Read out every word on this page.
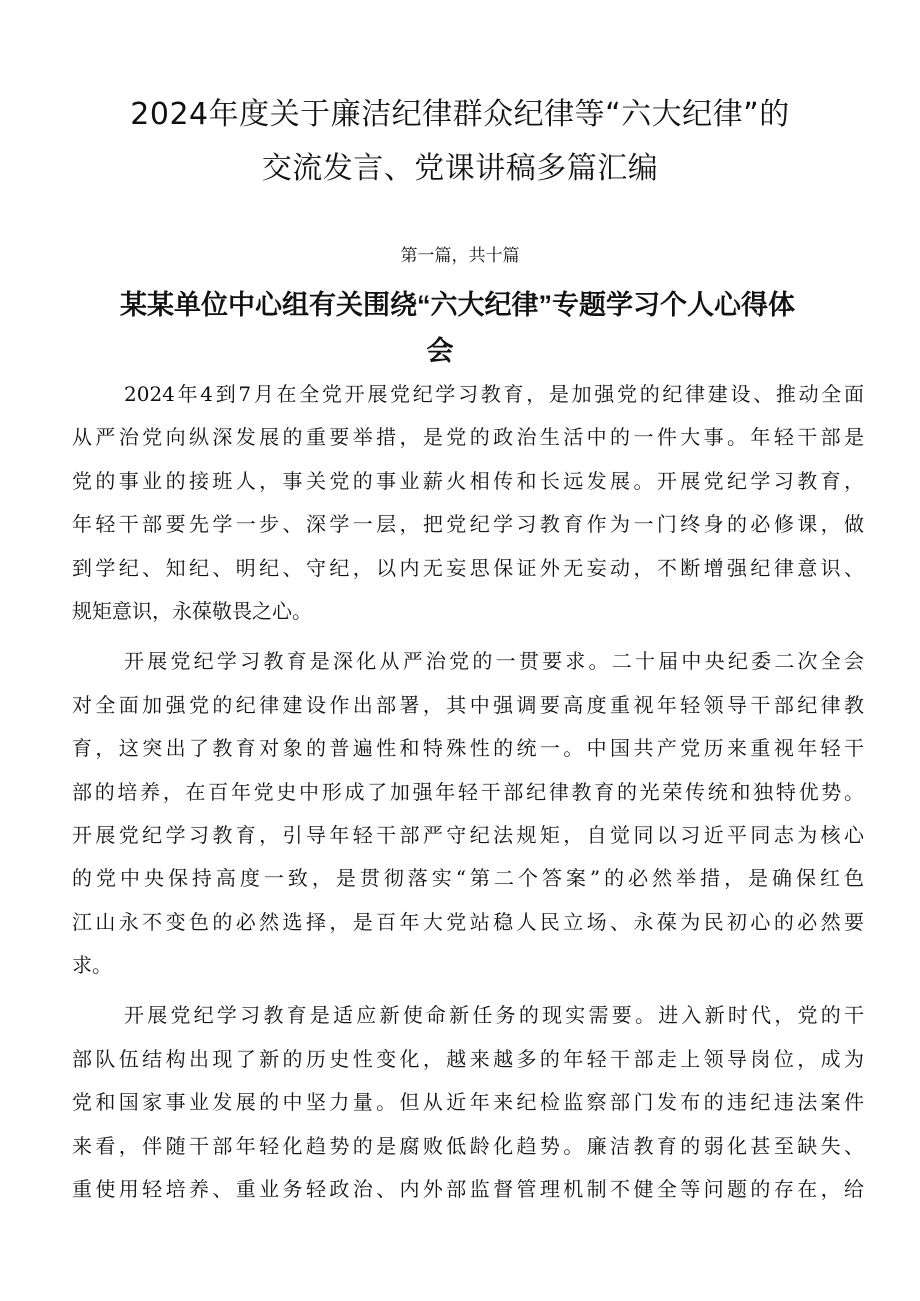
2024年度关于廉洁纪律群众纪律等“六大纪律”的
交流发言、党课讲稿多篇汇编
第一篇，共十篇
某某单位中心组有关围绕“六大纪律”专题学习个人心得体
会

2024年4到7月在全党开展党纪学习教育，是加强党的纪律建设、推动全面
从严治党向纵深发展的重要举措，是党的政治生活中的一件大事。年轻干部是
党的事业的接班人，事关党的事业薪火相传和长远发展。开展党纪学习教育，
年轻干部要先学一步、深学一层，把党纪学习教育作为一门终身的必修课，做
到学纪、知纪、明纪、守纪，以内无妄思保证外无妄动，不断增强纪律意识、
规矩意识，永葆敬畏之心。

开展党纪学习教育是深化从严治党的一贯要求。二十届中央纪委二次全会
对全面加强党的纪律建设作出部署，其中强调要高度重视年轻领导干部纪律教
育，这突出了教育对象的普遍性和特殊性的统一。中国共产党历来重视年轻干
部的培养，在百年党史中形成了加强年轻干部纪律教育的光荣传统和独特优势。
开展党纪学习教育，引导年轻干部严守纪法规矩，自觉同以习近平同志为核心
的党中央保持高度一致，是贯彻落实“第二个答案”的必然举措，是确保红色
江山永不变色的必然选择，是百年大党站稳人民立场、永葆为民初心的必然要
求。

开展党纪学习教育是适应新使命新任务的现实需要。进入新时代，党的干
部队伍结构出现了新的历史性变化，越来越多的年轻干部走上领导岗位，成为
党和国家事业发展的中坚力量。但从近年来纪检监察部门发布的违纪违法案件
来看，伴随干部年轻化趋势的是腐败低龄化趋势。廉洁教育的弱化甚至缺失、
重使用轻培养、重业务轻政治、内外部监督管理机制不健全等问题的存在，给
